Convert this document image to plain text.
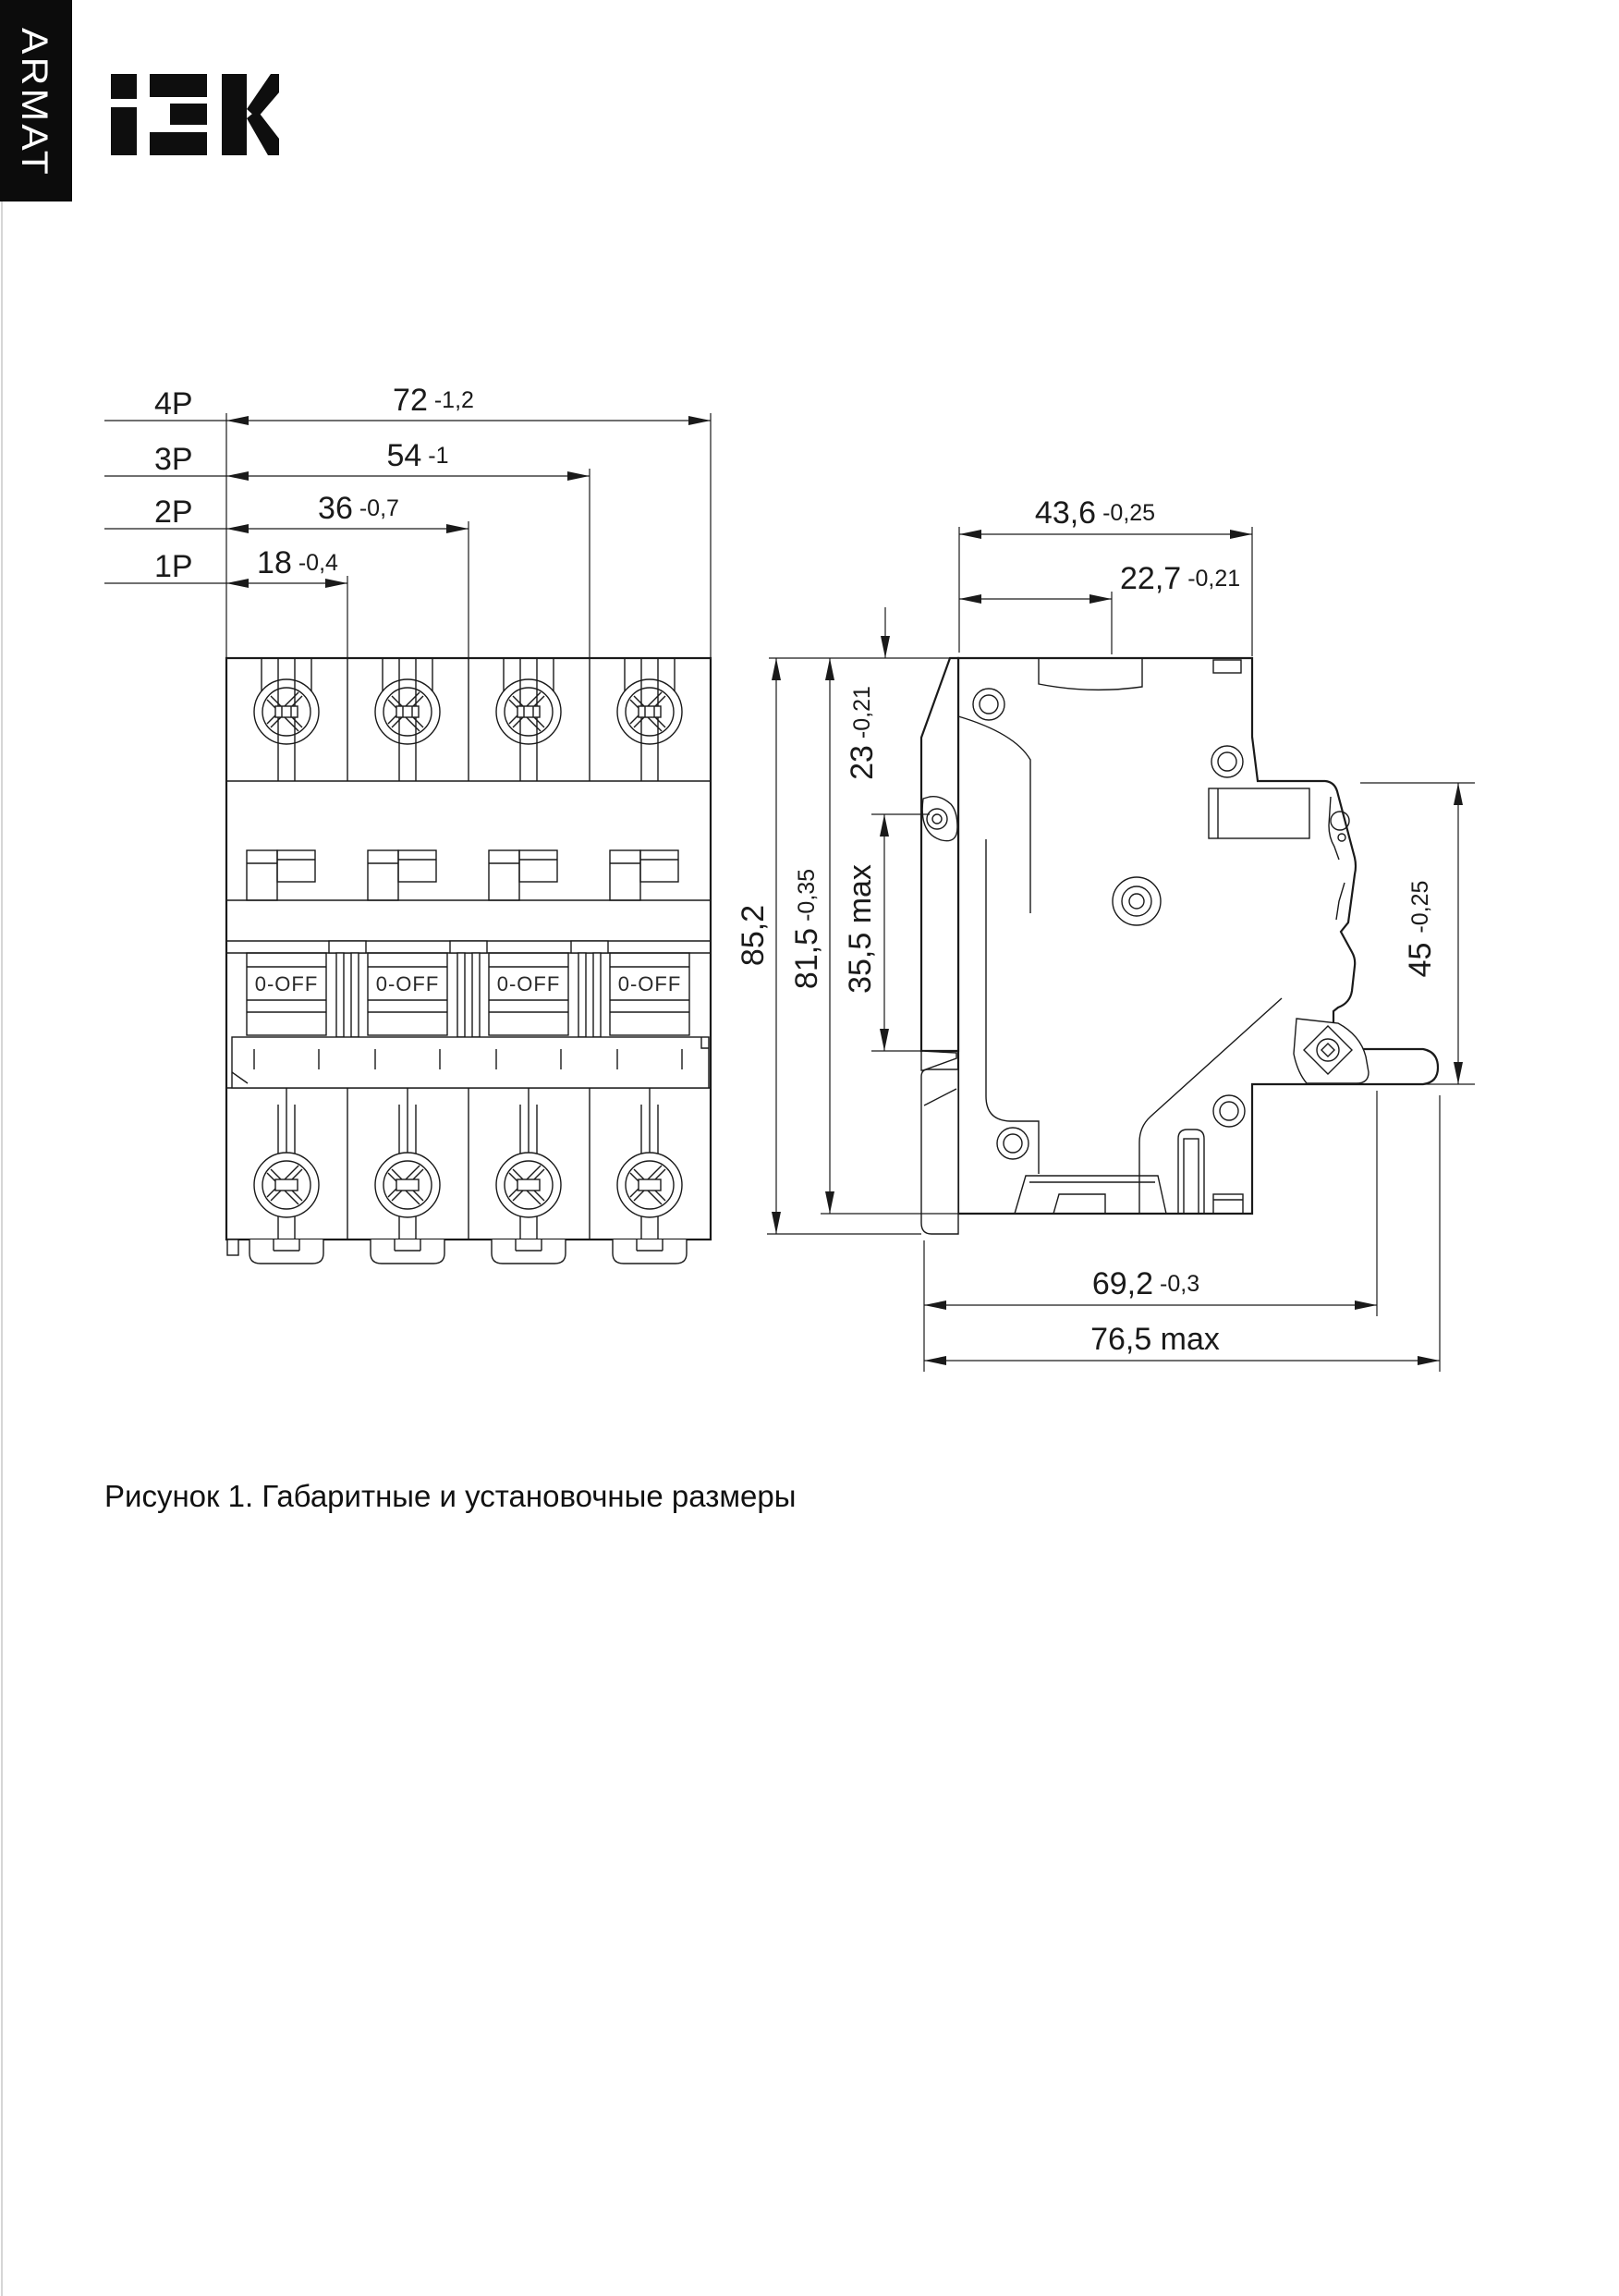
ARMAT
0-OFF	0-OFF	0-OFF	0-OFF
4P
3P
2P
1P
72 -1,2
54 -1
36 -0,7
18 -0,4
43,6 -0,25
22,7 -0,21
23-0,21
35,5 max
85,2 81,5-0,35
45-0,25
69,2 -0,3
76,5 max
Рисунок 1. Габаритные и установочные размеры
